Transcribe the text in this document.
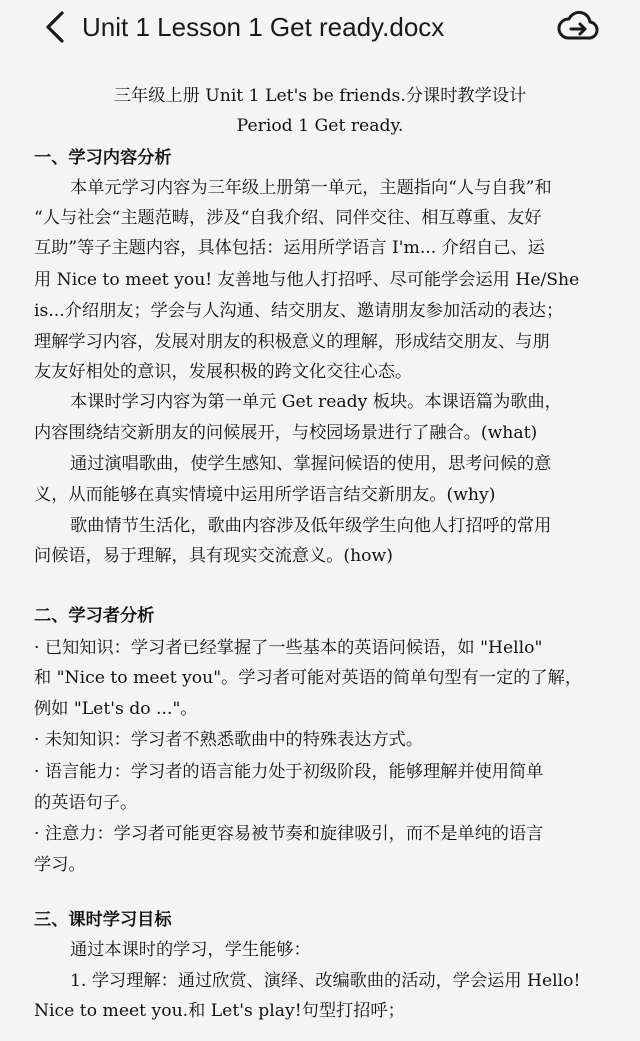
Unit 1 Lesson 1 Get ready.docx
三年级上册 Unit 1 Let's be friends.分课时教学设计
Period 1 Get ready.
一、学习内容分析
本单元学习内容为三年级上册第一单元，主题指向“人与自我”和
“人与社会“主题范畴，涉及“自我介绍、同伴交往、相互尊重、友好
互助”等子主题内容，具体包括：运用所学语言 I'm... 介绍自己、运
用 Nice to meet you! 友善地与他人打招呼、尽可能学会运用 He/She
is...介绍朋友；学会与人沟通、结交朋友、邀请朋友参加活动的表达；
理解学习内容，发展对朋友的积极意义的理解，形成结交朋友、与朋
友友好相处的意识，发展积极的跨文化交往心态。
本课时学习内容为第一单元 Get ready 板块。本课语篇为歌曲，
内容围绕结交新朋友的问候展开，与校园场景进行了融合。(what)
通过演唱歌曲，使学生感知、掌握问候语的使用，思考问候的意
义，从而能够在真实情境中运用所学语言结交新朋友。(why)
歌曲情节生活化，歌曲内容涉及低年级学生向他人打招呼的常用
问候语，易于理解，具有现实交流意义。(how)
二、学习者分析
· 已知知识：学习者已经掌握了一些基本的英语问候语，如 "Hello"
和 "Nice to meet you"。学习者可能对英语的简单句型有一定的了解，
例如 "Let's do ..."。
· 未知知识：学习者不熟悉歌曲中的特殊表达方式。
· 语言能力：学习者的语言能力处于初级阶段，能够理解并使用简单
的英语句子。
· 注意力：学习者可能更容易被节奏和旋律吸引，而不是单纯的语言
学习。
三、课时学习目标
通过本课时的学习，学生能够：
1. 学习理解：通过欣赏、演绎、改编歌曲的活动，学会运用 Hello!
Nice to meet you.和 Let's play!句型打招呼；
